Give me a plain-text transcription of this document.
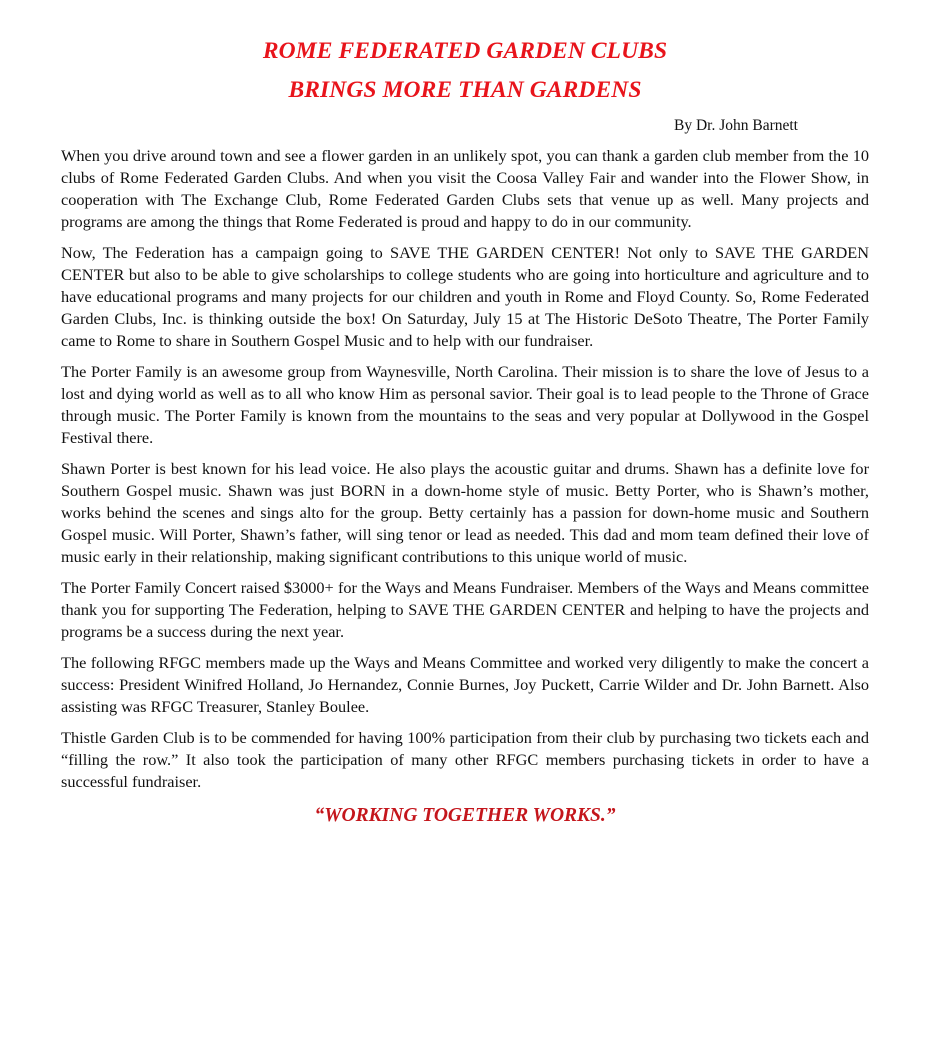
ROME FEDERATED GARDEN CLUBS
BRINGS MORE THAN GARDENS
By Dr. John Barnett

When you drive around town and see a flower garden in an unlikely spot, you can thank a garden club member from the 10 clubs of Rome Federated Garden Clubs. And when you visit the Coosa Valley Fair and wander into the Flower Show, in cooperation with The Exchange Club, Rome Federated Garden Clubs sets that venue up as well. Many projects and programs are among the things that Rome Federated is proud and happy to do in our community.

Now, The Federation has a campaign going to SAVE THE GARDEN CENTER! Not only to SAVE THE GARDEN CENTER but also to be able to give scholarships to college students who are going into horticulture and agriculture and to have educational programs and many projects for our children and youth in Rome and Floyd County. So, Rome Federated Garden Clubs, Inc. is thinking outside the box! On Saturday, July 15 at The Historic DeSoto Theatre, The Porter Family came to Rome to share in Southern Gospel Music and to help with our fundraiser.

The Porter Family is an awesome group from Waynesville, North Carolina. Their mission is to share the love of Jesus to a lost and dying world as well as to all who know Him as personal savior. Their goal is to lead people to the Throne of Grace through music. The Porter Family is known from the mountains to the seas and very popular at Dollywood in the Gospel Festival there.

Shawn Porter is best known for his lead voice. He also plays the acoustic guitar and drums. Shawn has a definite love for Southern Gospel music. Shawn was just BORN in a down-home style of music. Betty Porter, who is Shawn’s mother, works behind the scenes and sings alto for the group. Betty certainly has a passion for down-home music and Southern Gospel music. Will Porter, Shawn’s father, will sing tenor or lead as needed. This dad and mom team defined their love of music early in their relationship, making significant contributions to this unique world of music.

The Porter Family Concert raised $3000+ for the Ways and Means Fundraiser. Members of the Ways and Means committee thank you for supporting The Federation, helping to SAVE THE GARDEN CENTER and helping to have the projects and programs be a success during the next year.

The following RFGC members made up the Ways and Means Committee and worked very diligently to make the concert a success: President Winifred Holland, Jo Hernandez, Connie Burnes, Joy Puckett, Carrie Wilder and Dr. John Barnett. Also assisting was RFGC Treasurer, Stanley Boulee.

Thistle Garden Club is to be commended for having 100% participation from their club by purchasing two tickets each and “filling the row.” It also took the participation of many other RFGC members purchasing tickets in order to have a successful fundraiser.

“WORKING TOGETHER WORKS.”
